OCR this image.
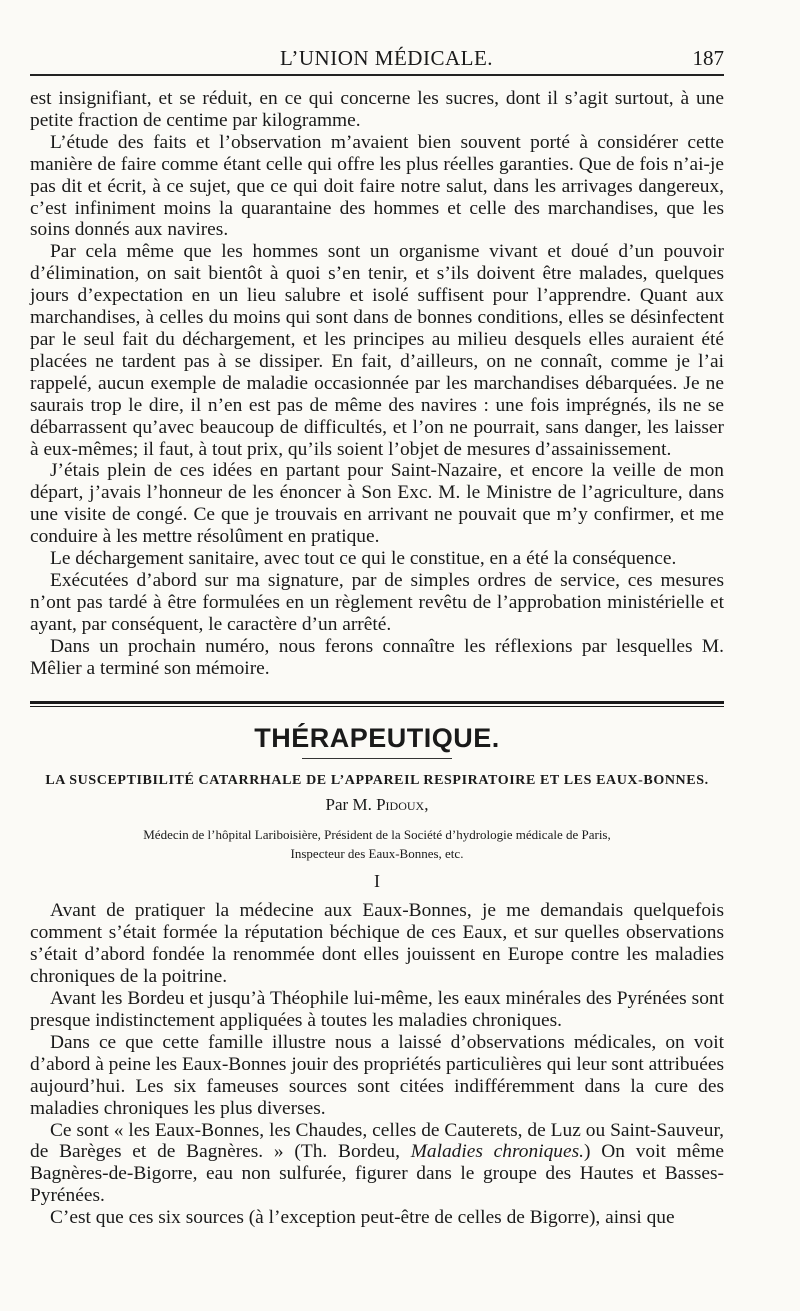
L’UNION MÉDICALE.	187

est insignifiant, et se réduit, en ce qui concerne les sucres, dont il s’agit surtout, à une petite fraction de centime par kilogramme.

L’étude des faits et l’observation m’avaient bien souvent porté à considérer cette manière de faire comme étant celle qui offre les plus réelles garanties. Que de fois n’ai-je pas dit et écrit, à ce sujet, que ce qui doit faire notre salut, dans les arrivages dangereux, c’est infiniment moins la quarantaine des hommes et celle des marchandises, que les soins donnés aux navires.

Par cela même que les hommes sont un organisme vivant et doué d’un pouvoir d’élimination, on sait bientôt à quoi s’en tenir, et s’ils doivent être malades, quelques jours d’expectation en un lieu salubre et isolé suffisent pour l’apprendre. Quant aux marchandises, à celles du moins qui sont dans de bonnes conditions, elles se désinfectent par le seul fait du déchargement, et les principes au milieu desquels elles auraient été placées ne tardent pas à se dissiper. En fait, d’ailleurs, on ne connaît, comme je l’ai rappelé, aucun exemple de maladie occasionnée par les marchandises débarquées. Je ne saurais trop le dire, il n’en est pas de même des navires : une fois imprégnés, ils ne se débarrassent qu’avec beaucoup de difficultés, et l’on ne pourrait, sans danger, les laisser à eux-mêmes; il faut, à tout prix, qu’ils soient l’objet de mesures d’assainissement.

J’étais plein de ces idées en partant pour Saint-Nazaire, et encore la veille de mon départ, j’avais l’honneur de les énoncer à Son Exc. M. le Ministre de l’agriculture, dans une visite de congé. Ce que je trouvais en arrivant ne pouvait que m’y confirmer, et me conduire à les mettre résolûment en pratique.

Le déchargement sanitaire, avec tout ce qui le constitue, en a été la conséquence.

Exécutées d’abord sur ma signature, par de simples ordres de service, ces mesures n’ont pas tardé à être formulées en un règlement revêtu de l’approbation ministérielle et ayant, par conséquent, le caractère d’un arrêté.

Dans un prochain numéro, nous ferons connaître les réflexions par lesquelles M. Mêlier a terminé son mémoire.

THÉRAPEUTIQUE.
LA SUSCEPTIBILITÉ CATARRHALE DE L’APPAREIL RESPIRATOIRE ET LES EAUX-BONNES.
Par M. Pidoux,
Médecin de l’hôpital Lariboisière, Président de la Société d’hydrologie médicale de Paris,
Inspecteur des Eaux-Bonnes, etc.
I

Avant de pratiquer la médecine aux Eaux-Bonnes, je me demandais quelquefois comment s’était formée la réputation béchique de ces Eaux, et sur quelles observations s’était d’abord fondée la renommée dont elles jouissent en Europe contre les maladies chroniques de la poitrine.

Avant les Bordeu et jusqu’à Théophile lui-même, les eaux minérales des Pyrénées sont presque indistinctement appliquées à toutes les maladies chroniques.

Dans ce que cette famille illustre nous a laissé d’observations médicales, on voit d’abord à peine les Eaux-Bonnes jouir des propriétés particulières qui leur sont attribuées aujourd’hui. Les six fameuses sources sont citées indifféremment dans la cure des maladies chroniques les plus diverses.

Ce sont « les Eaux-Bonnes, les Chaudes, celles de Cauterets, de Luz ou Saint-Sauveur, de Barèges et de Bagnères. » (Th. Bordeu, Maladies chroniques.) On voit même Bagnères-de-Bigorre, eau non sulfurée, figurer dans le groupe des Hautes et Basses-Pyrénées.

C’est que ces six sources (à l’exception peut-être de celles de Bigorre), ainsi que
